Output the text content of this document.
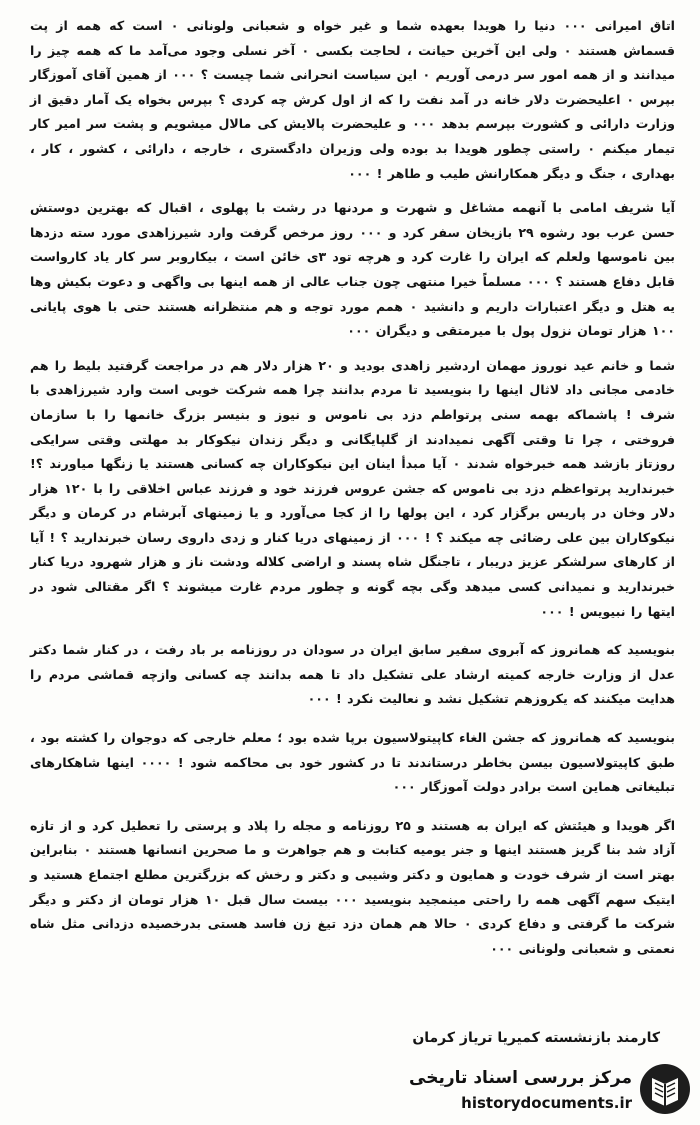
اتاق امیرانی ۰۰۰ دنیا را هویدا بعهده شما و غیر خواه و شعبانی ولونانی ۰ است که همه از پت قسماش هستند ۰ ولی این آخرین حیانت ، لحاجت بکسی ۰ آخر نسلی وجود می‌آمد ما که همه چیز را میدانند و از همه امور سر درمی آوریم ۰ این سیاست انحرانی شما چیست ؟ ۰۰۰ از همین آقای آموزگار بپرس ۰ اعلیحضرت دلار خانه در آمد نفت را که از اول کرش چه کردی ؟ بپرس بخواه یک آمار دقیق از وزارت دارائی و کشورت بپرسم بدهد ۰۰۰ و علیحضرت پالایش کی مالال میشویم و پشت سر امیر کار تیمار میکنم ۰ راستی چطور هویدا بد بوده ولی وزیران دادگستری ، خارجه ، دارائی ، کشور ، کار ، بهداری ، جنگ و دیگر همکارانش طیب و طاهر ! ۰۰۰

آیا شریف امامی با آنهمه مشاغل و شهرت و مردنها در رشت با پهلوی ، اقبال که بهترین دوستش حسن عرب بود رشوه ۲۹ بازیخان سفر کرد و ۰۰۰ روز مرخص گرفت وارد شیرزاهدی مورد سته دزدها بین ناموسها ولعلم که ایران را غارت کرد و هرچه تود ۳ی خائن است ، بیکاروبر سر کار یاد کارواست قابل دفاع هستند ؟ ۰۰۰ مسلماً خیرا منتهی چون جناب عالی از همه اینها بی واگهی و دعوت بکیش وها یه هتل و دیگر اعتبارات داریم و دانشید ۰ همم مورد توجه و هم منتظرانه هستند حتی با هوی پایانی ۱۰۰ هزار تومان نزول پول با میرمتقی و دیگران ۰۰۰

شما و خانم عید نوروز مهمان اردشیر زاهدی بودید و ۲۰ هزار دلار هم در مراجعت گرفتید بلیط را هم خادمی مجانی داد لاثال اینها را بنویسید تا مردم بدانند چرا همه شرکت خوبی است وارد شیرزاهدی با شرف ! پاشماکه بهمه سنی پرتواطم دزد بی ناموس و نیوز و بنیسر بزرگ خانمها را با سازمان فروختی ، چرا تا وقتی آگهی نمیدادند از گلپایگانی و دیگر زندان نیکوکار بد مهلتی وقتی سرایکی روزتاز بازشد همه خبرخواه شدند ۰ آیا مبدأ اینان این نیکوکاران چه کسانی هستند یا زنگها میاورند ؟! خبرندارید پرتواعظم دزد بی ناموس که جشن عروس فرزند خود و فرزند عباس اخلاقی را با ۱۲۰ هزار دلار وخان در پاریس برگزار کرد ، این پولها را از کجا می‌آورد و یا زمینهای آبرشام در کرمان و دیگر نیکوکاران بین علی رضائی چه میکند ؟ ! ۰۰۰ از زمینهای دریا کنار و زدی داروی رسان خبرندارید ؟ ! آیا از کارهای سرلشکر عزیز دریبار ، تاجنگل شاه پسند و اراضی کلاله ودشت ناز و هزار شهرود دریا کنار خبرندارید و نمیدانی کسی میدهد وگی بچه گونه و چطور مردم غارت میشوند ؟ اگر مقتالی شود در ایتها را نبیویس ! ۰۰۰

بنویسید که همانروز که آبروی سفیر سابق ایران در سودان در روزنامه بر باد رفت ، در کنار شما دکتر عدل از وزارت خارجه کمیته ارشاد علی تشکیل داد تا همه بدانند چه کسانی وازچه قماشی مردم را هدایت میکنند که یکروزهم تشکیل نشد و نعالیت نکرد ! ۰۰۰

بنویسید که همانروز که جشن الغاء کاپیتولاسیون برپا شده بود ؛ معلم خارجی که دوجوان را کشته بود ، طبق کاپیتولاسیون بیسن بخاطر درستاندند تا در کشور خود بی محاکمه شود ! ۰۰۰۰ اینها شاهکارهای تبلیغاتی هماین است برادر دولت آموزگار ۰۰۰

اگر هویدا و هیئتش که ایران به هستند و ۲۵ روزنامه و مجله را پلاد و پرستی را تعطیل کرد و از تازه آزاد شد بنا گریز هستند اینها و جنر یومیه کتابت و هم جواهرت و ما صحرین انسانها هستند ۰ بنابراین بهتر است از شرف خودت و همایون و دکتر وشیبی و دکتر و رخش که بزرگترین مطلع اجتماع هستید و ایتیک سهم آگهی همه را راحتی مینمجید بنویسید ۰۰۰ بیست سال قبل ۱۰ هزار تومان از دکتر و دیگر شرکت ما گرفتی و دفاع کردی ۰ حالا هم همان دزد تیغ زن فاسد هستی بدرخصیده دزدانی مثل شاه نعمتی و شعبانی ولونانی ۰۰۰

کارمند بازنشسته کمیریا تریاز کرمان
مرکز بررسی اسناد تاریخی
historydocuments.ir
